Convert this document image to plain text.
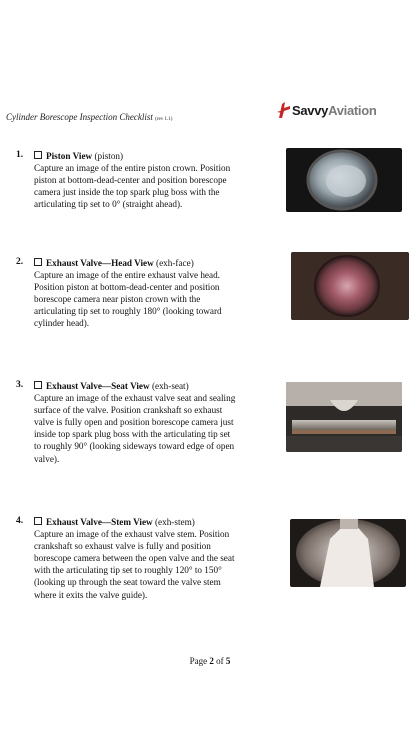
Cylinder Borescope Inspection Checklist (rev 1.1)
SavvyAviation
1.	Piston View (piston)
Capture an image of the entire piston crown. Position
piston at bottom-dead-center and position borescope
camera just inside the top spark plug boss with the
articulating tip set to 0° (straight ahead).
2.	Exhaust Valve—Head View (exh-face)
Capture an image of the entire exhaust valve head.
Position piston at bottom-dead-center and position
borescope camera near piston crown with the
articulating tip set to roughly 180° (looking toward
cylinder head).
3.	Exhaust Valve—Seat View (exh-seat)
Capture an image of the exhaust valve seat and sealing
surface of the valve. Position crankshaft so exhaust
valve is fully open and position borescope camera just
inside top spark plug boss with the articulating tip set
to roughly 90° (looking sideways toward edge of open
valve).
4.	Exhaust Valve—Stem View (exh-stem)
Capture an image of the exhaust valve stem. Position
crankshaft so exhaust valve is fully and position
borescope camera between the open valve and the seat
with the articulating tip set to roughly 120° to 150°
(looking up through the seat toward the valve stem
where it exits the valve guide).
Page 2 of 5
